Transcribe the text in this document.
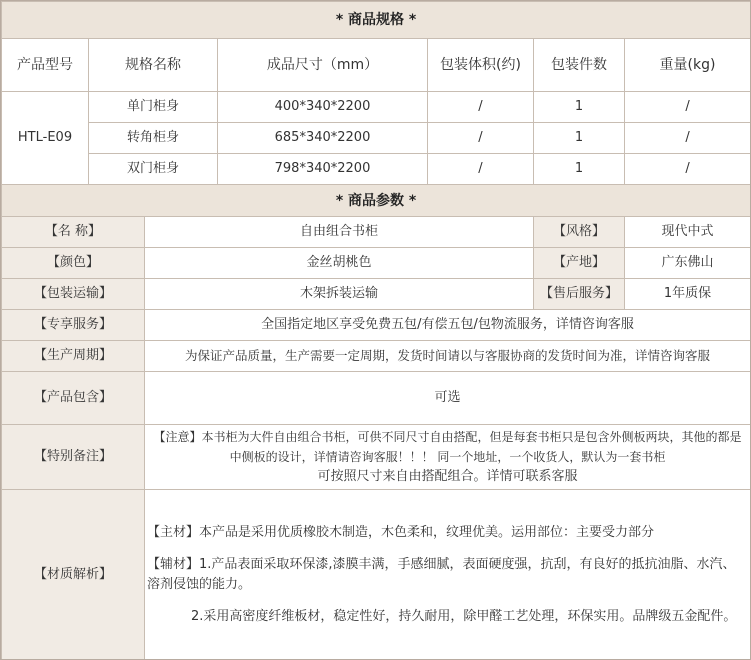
* 商品规格 *						
产品型号	规格名称		成品尺寸（mm）	包装体积(约)	包装件数	重量(kg)
HTL-E09	单门柜身		400*340*2200	/	1	/
	转角柜身		685*340*2200	/	1	/
	双门柜身		798*340*2200	/	1	/
* 商品参数 *						
【名 称】		自由组合书柜			【风格】	现代中式
【颜色】		金丝胡桃色			【产地】	广东佛山
【包装运输】		木架拆装运输			【售后服务】	1年质保
【专享服务】		全国指定地区享受免费五包/有偿五包/包物流服务，详情咨询客服				
【生产周期】		为保证产品质量，生产需要一定周期，发货时间请以与客服协商的发货时间为准，详情咨询客服				
【产品包含】		可选				
【特别备注】		【注意】本书柜为大件自由组合书柜，可供不同尺寸自由搭配，但是每套书柜只是包含外侧板两块，其他的都是中侧板的设计，详情请咨询客服！！！ 同一个地址，一个收货人，默认为一套书柜
可按照尺寸来自由搭配组合。详情可联系客服				

【材质解析】		【主材】本产品是采用优质橡胶木制造，木色柔和，纹理优美。运用部位：主要受力部分

【辅材】1.产品表面采取环保漆,漆膜丰满，手感细腻，表面硬度强，抗刮，有良好的抵抗油脂、水汽、溶剂侵蚀的能力。

2.采用高密度纤维板材，稳定性好，持久耐用，除甲醛工艺处理，环保实用。品牌级五金配件。				
